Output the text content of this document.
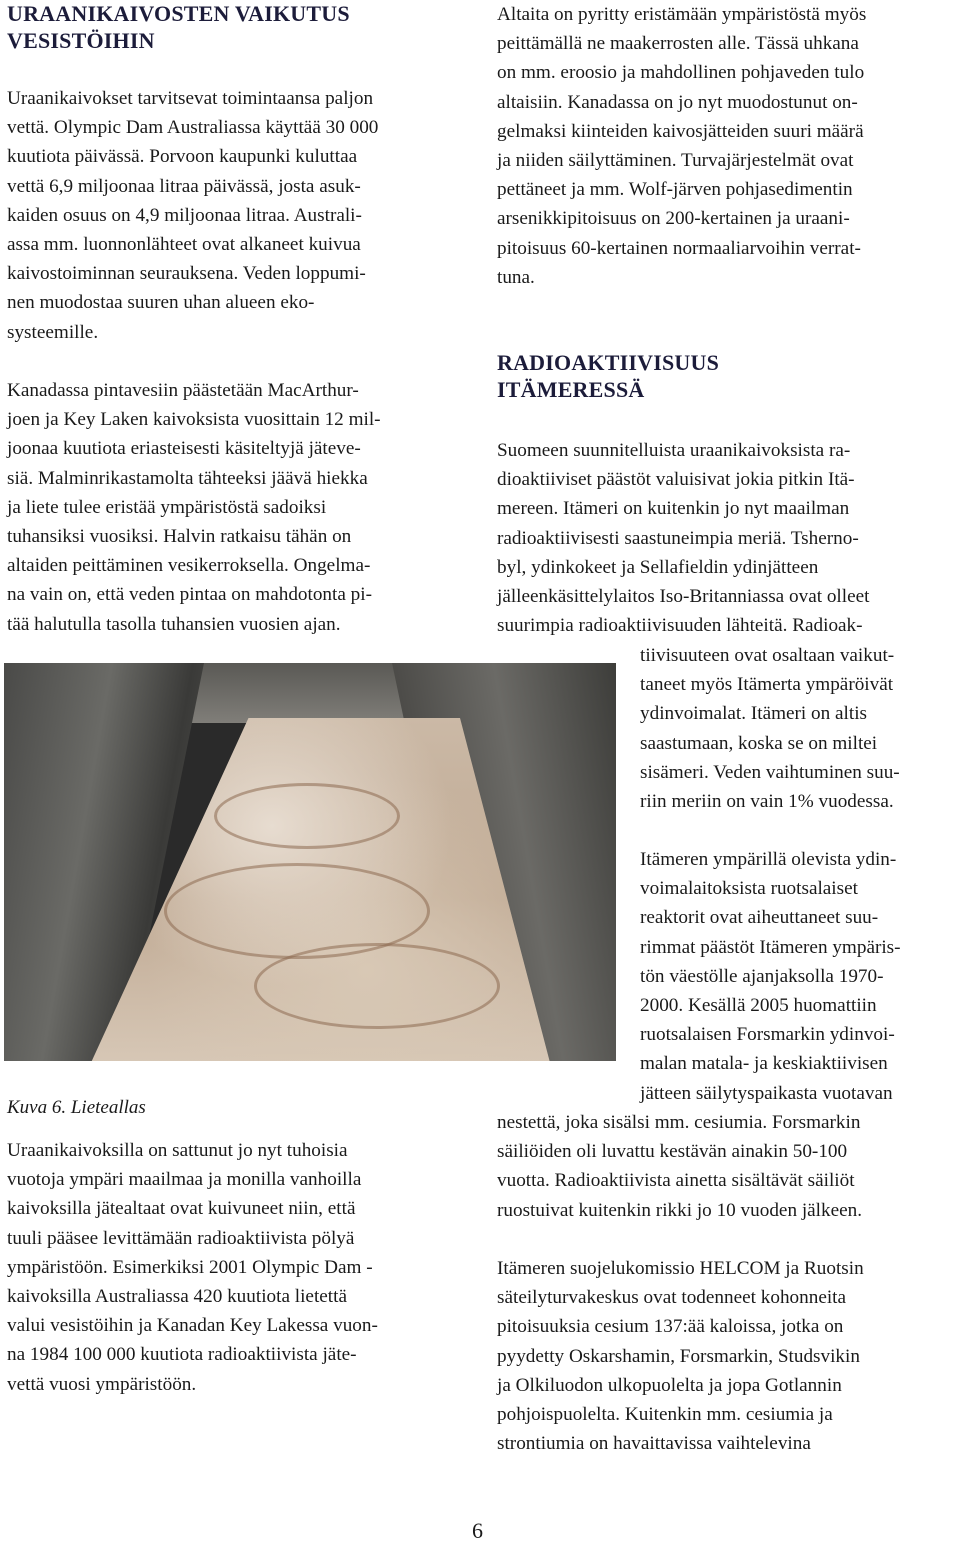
URAANIKAIVOSTEN VAIKUTUS
VESISTÖIHIN

Uraanikaivokset tarvitsevat toimintaansa paljon
vettä. Olympic Dam Australiassa käyttää 30 000
kuutiota päivässä. Porvoon kaupunki kuluttaa
vettä 6,9 miljoonaa litraa päivässä, josta asuk-
kaiden osuus on 4,9 miljoonaa litraa. Australi-
assa mm. luonnonlähteet ovat alkaneet kuivua
kaivostoiminnan seurauksena. Veden loppumi-
nen muodostaa suuren uhan alueen eko-
systeemille.

Kanadassa pintavesiin päästetään MacArthur-
joen ja Key Laken kaivoksista vuosittain 12 mil-
joonaa kuutiota eriasteisesti käsiteltyjä jäteve-
siä. Malminrikastamolta tähteeksi jäävä hiekka
ja liete tulee eristää ympäristöstä sadoiksi
tuhansiksi vuosiksi. Halvin ratkaisu tähän on
altaiden peittäminen vesikerroksella. Ongelma-
na vain on, että veden pintaa on mahdotonta pi-
tää halutulla tasolla tuhansien vuosien ajan.

Kuva 6. Lieteallas

Uraanikaivoksilla on sattunut jo nyt tuhoisia
vuotoja ympäri maailmaa ja monilla vanhoilla
kaivoksilla jätealtaat ovat kuivuneet niin, että
tuuli pääsee levittämään radioaktiivista pölyä
ympäristöön. Esimerkiksi 2001 Olympic Dam -
kaivoksilla Australiassa 420 kuutiota lietettä
valui vesistöihin ja Kanadan Key Lakessa vuon-
na 1984 100 000 kuutiota radioaktiivista jäte-
vettä vuosi ympäristöön.

Altaita on pyritty eristämään ympäristöstä myös
peittämällä ne maakerrosten alle. Tässä uhkana
on mm. eroosio ja mahdollinen pohjaveden tulo
altaisiin. Kanadassa on jo nyt muodostunut on-
gelmaksi kiinteiden kaivosjätteiden suuri määrä
ja niiden säilyttäminen. Turvajärjestelmät ovat
pettäneet ja mm. Wolf-järven pohjasedimentin
arsenikkipitoisuus on 200-kertainen ja uraani-
pitoisuus 60-kertainen normaaliarvoihin verrat-
tuna.

RADIOAKTIIVISUUS
ITÄMERESSÄ

Suomeen suunnitelluista uraanikaivoksista ra-
dioaktiiviset päästöt valuisivat jokia pitkin Itä-
mereen. Itämeri on kuitenkin jo nyt maailman
radioaktiivisesti saastuneimpia meriä. Tsherno-
byl, ydinkokeet ja Sellafieldin ydinjätteen
jälleenkäsittelylaitos Iso-Britanniassa ovat olleet
suurimpia radioaktiivisuuden lähteitä. Radioak-

tiivisuuteen ovat osaltaan vaikut-
taneet myös Itämerta ympäröivät
ydinvoimalat. Itämeri on altis
saastumaan, koska se on miltei
sisämeri. Veden vaihtuminen suu-
riin meriin on vain 1% vuodessa.

Itämeren ympärillä olevista ydin-
voimalaitoksista ruotsalaiset
reaktorit ovat aiheuttaneet suu-
rimmat päästöt Itämeren ympäris-
tön väestölle ajanjaksolla 1970-
2000. Kesällä 2005 huomattiin
ruotsalaisen Forsmarkin ydinvoi-
malan matala- ja keskiaktiivisen
jätteen säilytyspaikasta vuotavan

nestettä, joka sisälsi mm. cesiumia. Forsmarkin
säiliöiden oli luvattu kestävän ainakin 50-100
vuotta. Radioaktiivista ainetta sisältävät säiliöt
ruostuivat kuitenkin rikki jo 10 vuoden jälkeen.

Itämeren suojelukomissio HELCOM ja Ruotsin
säteilyturvakeskus ovat todenneet kohonneita
pitoisuuksia cesium 137:ää kaloissa, jotka on
pyydetty Oskarshamin, Forsmarkin, Studsvikin
ja Olkiluodon ulkopuolelta ja jopa Gotlannin
pohjoispuolelta. Kuitenkin mm. cesiumia ja
strontiumia on havaittavissa vaihtelevina

6
